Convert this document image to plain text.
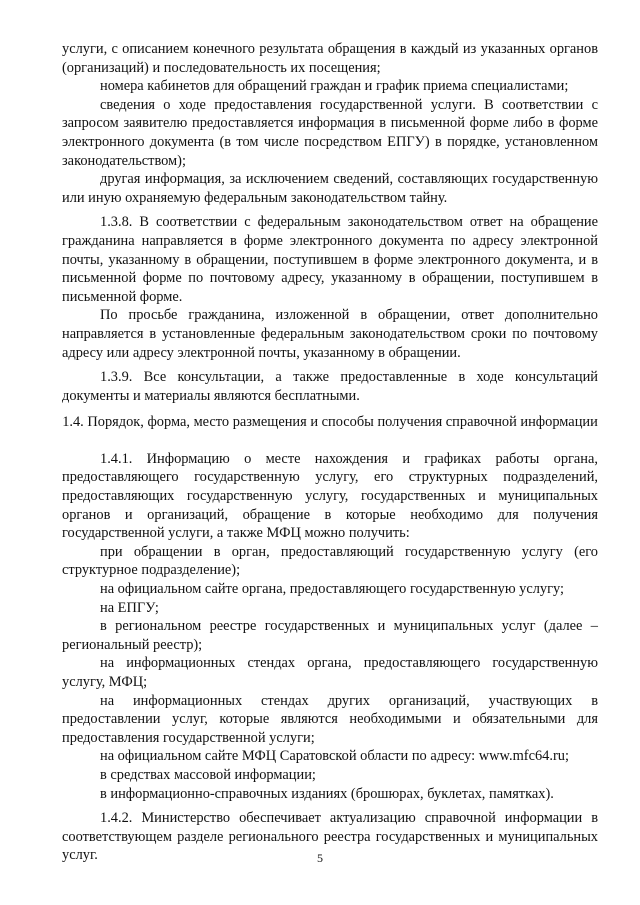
услуги, с описанием конечного результата обращения в каждый из указанных органов (организаций) и последовательность их посещения;

номера кабинетов для обращений граждан и график приема специалистами;

сведения о ходе предоставления государственной услуги. В соответствии с запросом заявителю предоставляется информация в письменной форме либо в форме электронного документа (в том числе посредством ЕПГУ) в порядке, установленном законодательством);

другая информация, за исключением сведений, составляющих государственную или иную охраняемую федеральным законодательством тайну.

1.3.8. В соответствии с федеральным законодательством ответ на обращение гражданина направляется в форме электронного документа по адресу электронной почты, указанному в обращении, поступившем в форме электронного документа, и в письменной форме по почтовому адресу, указанному в обращении, поступившем в письменной форме.

По просьбе гражданина, изложенной в обращении, ответ дополнительно направляется в установленные федеральным законодательством сроки по почтовому адресу или адресу электронной почты, указанному в обращении.

1.3.9. Все консультации, а также предоставленные в ходе консультаций документы и материалы являются бесплатными.

1.4. Порядок, форма, место размещения и способы получения справочной информации

1.4.1. Информацию о месте нахождения и графиках работы органа, предоставляющего государственную услугу, его структурных подразделений, предоставляющих государственную услугу, государственных и муниципальных органов и организаций, обращение в которые необходимо для получения государственной услуги, а также МФЦ можно получить:

при обращении в орган, предоставляющий государственную услугу (его структурное подразделение);

на официальном сайте органа, предоставляющего государственную услугу;

на ЕПГУ;

в региональном реестре государственных и муниципальных услуг (далее – региональный реестр);

на информационных стендах органа, предоставляющего государственную услугу, МФЦ;

на информационных стендах других организаций, участвующих в предоставлении услуг, которые являются необходимыми и обязательными для предоставления государственной услуги;

на официальном сайте МФЦ Саратовской области по адресу: www.mfc64.ru;

в средствах массовой информации;

в информационно-справочных изданиях (брошюрах, буклетах, памятках).

1.4.2. Министерство обеспечивает актуализацию справочной информации в соответствующем разделе регионального реестра государственных и муниципальных услуг.	5
